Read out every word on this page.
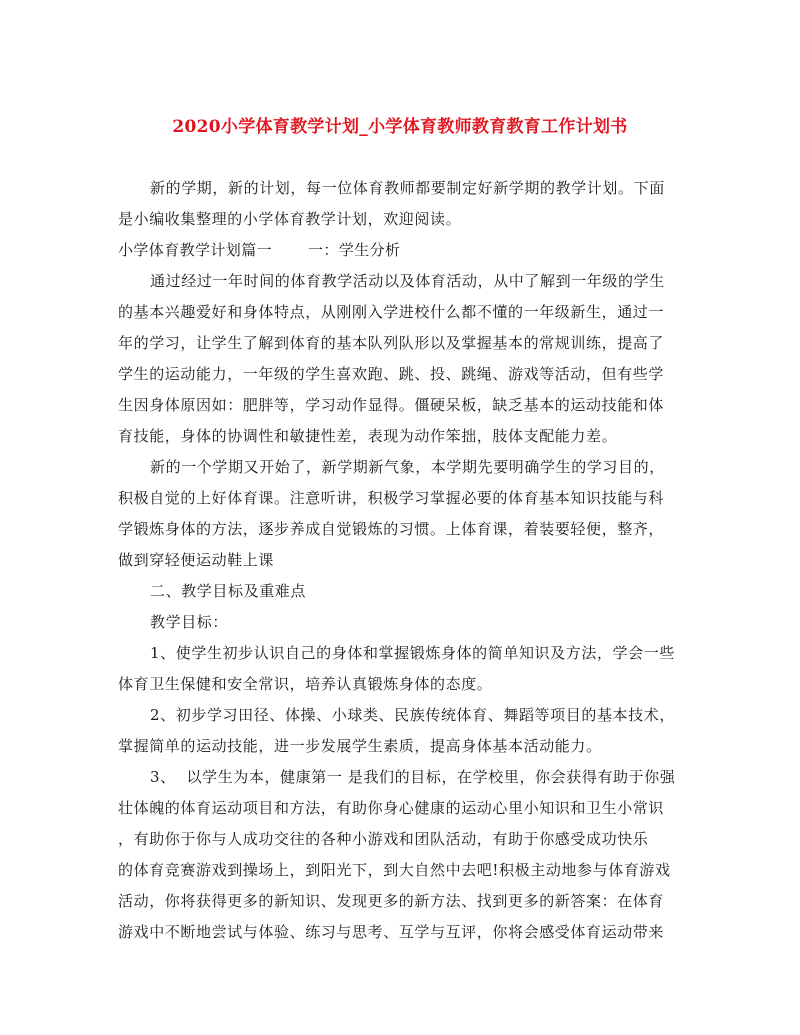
2020小学体育教学计划_小学体育教师教育教育工作计划书
新的学期，新的计划，每一位体育教师都要制定好新学期的教学计划。下面
是小编收集整理的小学体育教学计划，欢迎阅读。
小学体育教学计划篇一 一：学生分析
通过经过一年时间的体育教学活动以及体育活动，从中了解到一年级的学生
的基本兴趣爱好和身体特点，从刚刚入学进校什么都不懂的一年级新生，通过一
年的学习，让学生了解到体育的基本队列队形以及掌握基本的常规训练，提高了
学生的运动能力，一年级的学生喜欢跑、跳、投、跳绳、游戏等活动，但有些学
生因身体原因如：肥胖等，学习动作显得。僵硬呆板，缺乏基本的运动技能和体
育技能，身体的协调性和敏捷性差，表现为动作笨拙，肢体支配能力差。
新的一个学期又开始了，新学期新气象，本学期先要明确学生的学习目的，
积极自觉的上好体育课。注意听讲，积极学习掌握必要的体育基本知识技能与科
学锻炼身体的方法，逐步养成自觉锻炼的习惯。上体育课，着装要轻便，整齐，
做到穿轻便运动鞋上课
二、教学目标及重难点
教学目标：
1、使学生初步认识自己的身体和掌握锻炼身体的简单知识及方法，学会一些
体育卫生保健和安全常识，培养认真锻炼身体的态度。
2、初步学习田径、体操、小球类、民族传统体育、舞蹈等项目的基本技术，
掌握简单的运动技能，进一步发展学生素质，提高身体基本活动能力。
3、  以学生为本，健康第一 是我们的目标，在学校里，你会获得有助于你强
壮体魄的体育运动项目和方法，有助你身心健康的运动心里小知识和卫生小常识
，有助你于你与人成功交往的各种小游戏和团队活动，有助于你感受成功快乐
的体育竞赛游戏到操场上，到阳光下，到大自然中去吧!积极主动地参与体育游戏
活动，你将获得更多的新知识、发现更多的新方法、找到更多的新答案：在体育
游戏中不断地尝试与体验、练习与思考、互学与互评，你将会感受体育运动带来
